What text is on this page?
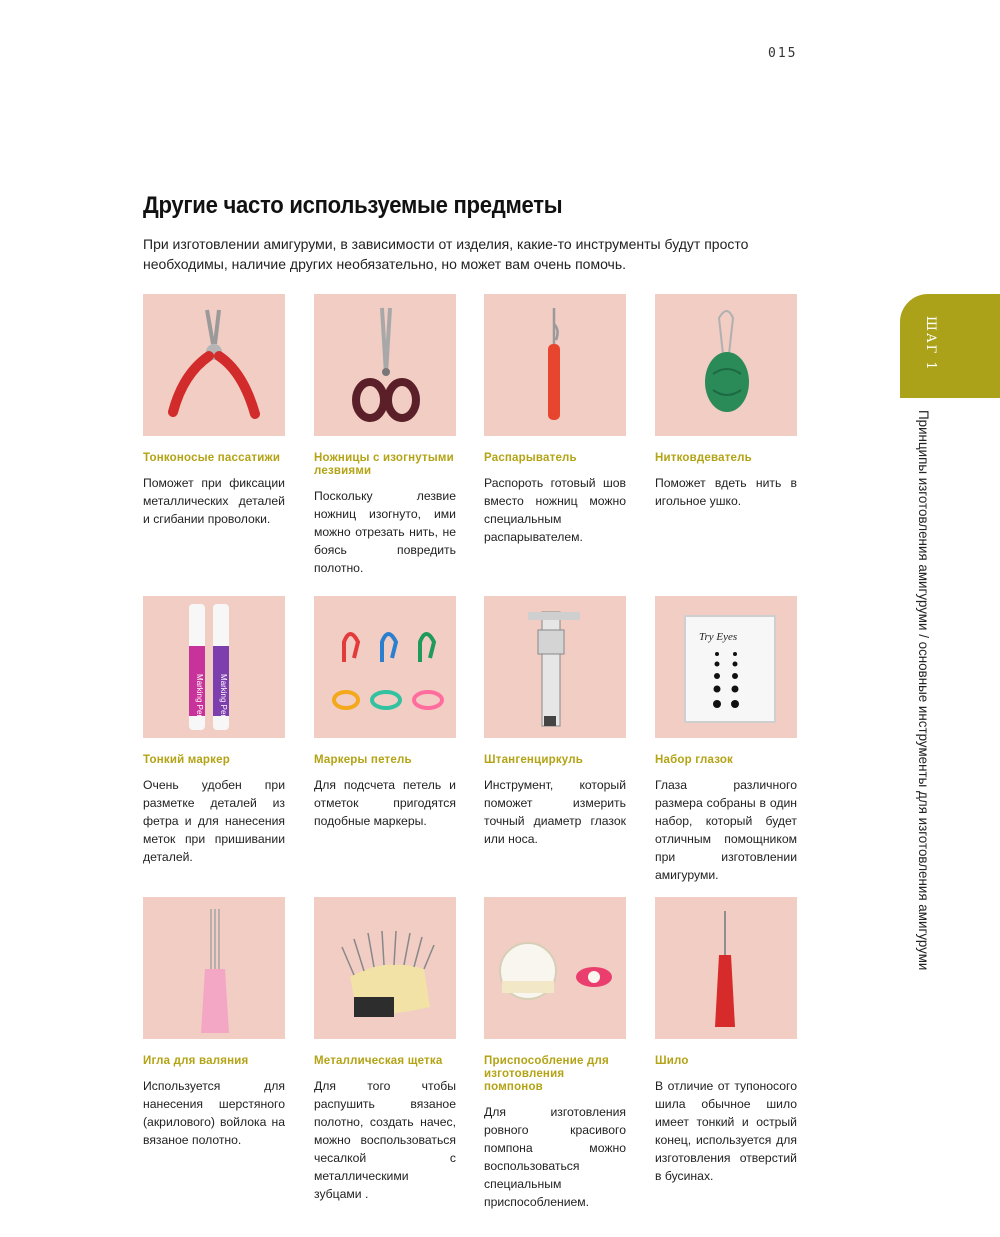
015
Другие часто используемые предметы

При изготовлении амигуруми, в зависимости от изделия, какие-то инструменты будут просто необходимы, наличие других необязательно, но может вам очень помочь.

ШАГ 1
Принципы изготовления амигуруми / основные инструменты для изготовления амигуруми
Тонконосые пассатижи
Поможет при фиксации металлических деталей и сгибании проволоки.
Ножницы с изогнутыми лезвиями
Поскольку лезвие ножниц изогнуто, ими можно отрезать нить, не боясь повредить полотно.
Распарыватель
Распороть готовый шов вместо ножниц можно специальным распарывателем.
Нитковдеватель
Поможет вдеть нить в игольное ушко.
Marking Pen Marking Pen
Тонкий маркер
Очень удобен при разметке деталей из фетра и для нанесения меток при пришивании деталей.
Маркеры петель
Для подсчета петель и отметок пригодятся подобные маркеры.
Штангенциркуль
Инструмент, который поможет измерить точный диаметр глазок или носа.
Try Eyes
Набор глазок
Глаза различного размера собраны в один набор, который будет отличным помощником при изготовлении амигуруми.
Игла для валяния
Используется для нанесения шерстяного (акрилового) войлока на вязаное полотно.
Металлическая щетка
Для того чтобы распушить вязаное полотно, создать начес, можно воспользоваться чесалкой с металлическими зубцами .
Приспособление для изготовления помпонов
Для изготовления ровного красивого помпона можно воспользоваться специальным приспособлением.
Шило
В отличие от тупоносого шила обычное шило имеет тонкий и острый конец, используется для изготовления отверстий в бусинах.
